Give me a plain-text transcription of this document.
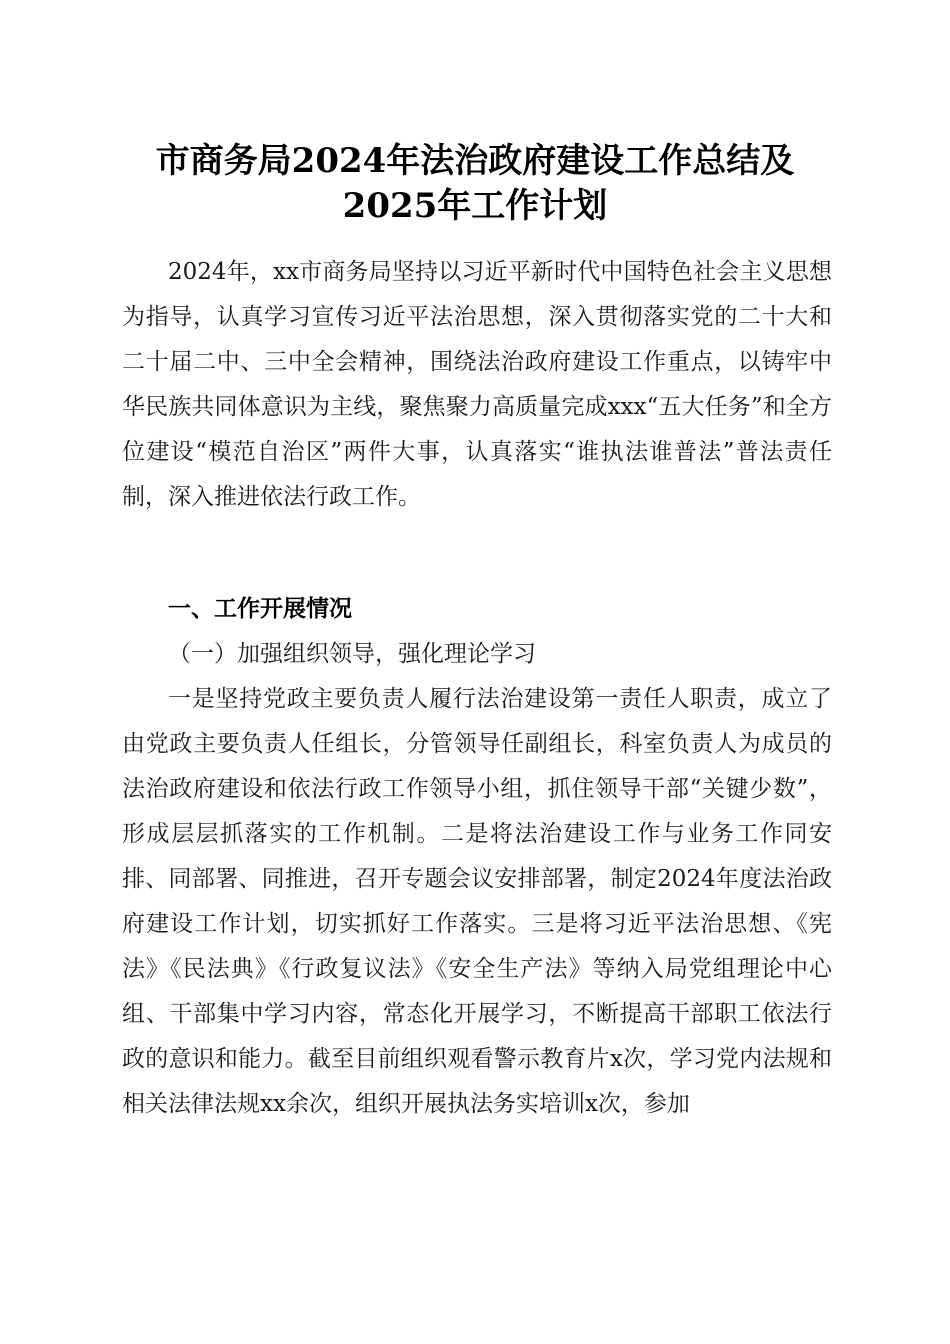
市商务局2024年法治政府建设工作总结及
2025年工作计划
2024年，xx市商务局坚持以习近平新时代中国特色社会主义思想为指导，认真学习宣传习近平法治思想，深入贯彻落实党的二十大和二十届二中、三中全会精神，围绕法治政府建设工作重点，以铸牢中华民族共同体意识为主线，聚焦聚力高质量完成xxx“五大任务”和全方位建设“模范自治区”两件大事，认真落实“谁执法谁普法”普法责任制，深入推进依法行政工作。
一、工作开展情况
（一）加强组织领导，强化理论学习
一是坚持党政主要负责人履行法治建设第一责任人职责，成立了由党政主要负责人任组长，分管领导任副组长，科室负责人为成员的法治政府建设和依法行政工作领导小组，抓住领导干部“关键少数”，形成层层抓落实的工作机制。二是将法治建设工作与业务工作同安排、同部署、同推进，召开专题会议安排部署，制定2024年度法治政府建设工作计划，切实抓好工作落实。三是将习近平法治思想、《宪法》《民法典》《行政复议法》《安全生产法》等纳入局党组理论中心组、干部集中学习内容，常态化开展学习，不断提高干部职工依法行政的意识和能力。截至目前组织观看警示教育片x次，学习党内法规和相关法律法规xx余次，组织开展执法务实培训x次，参加
